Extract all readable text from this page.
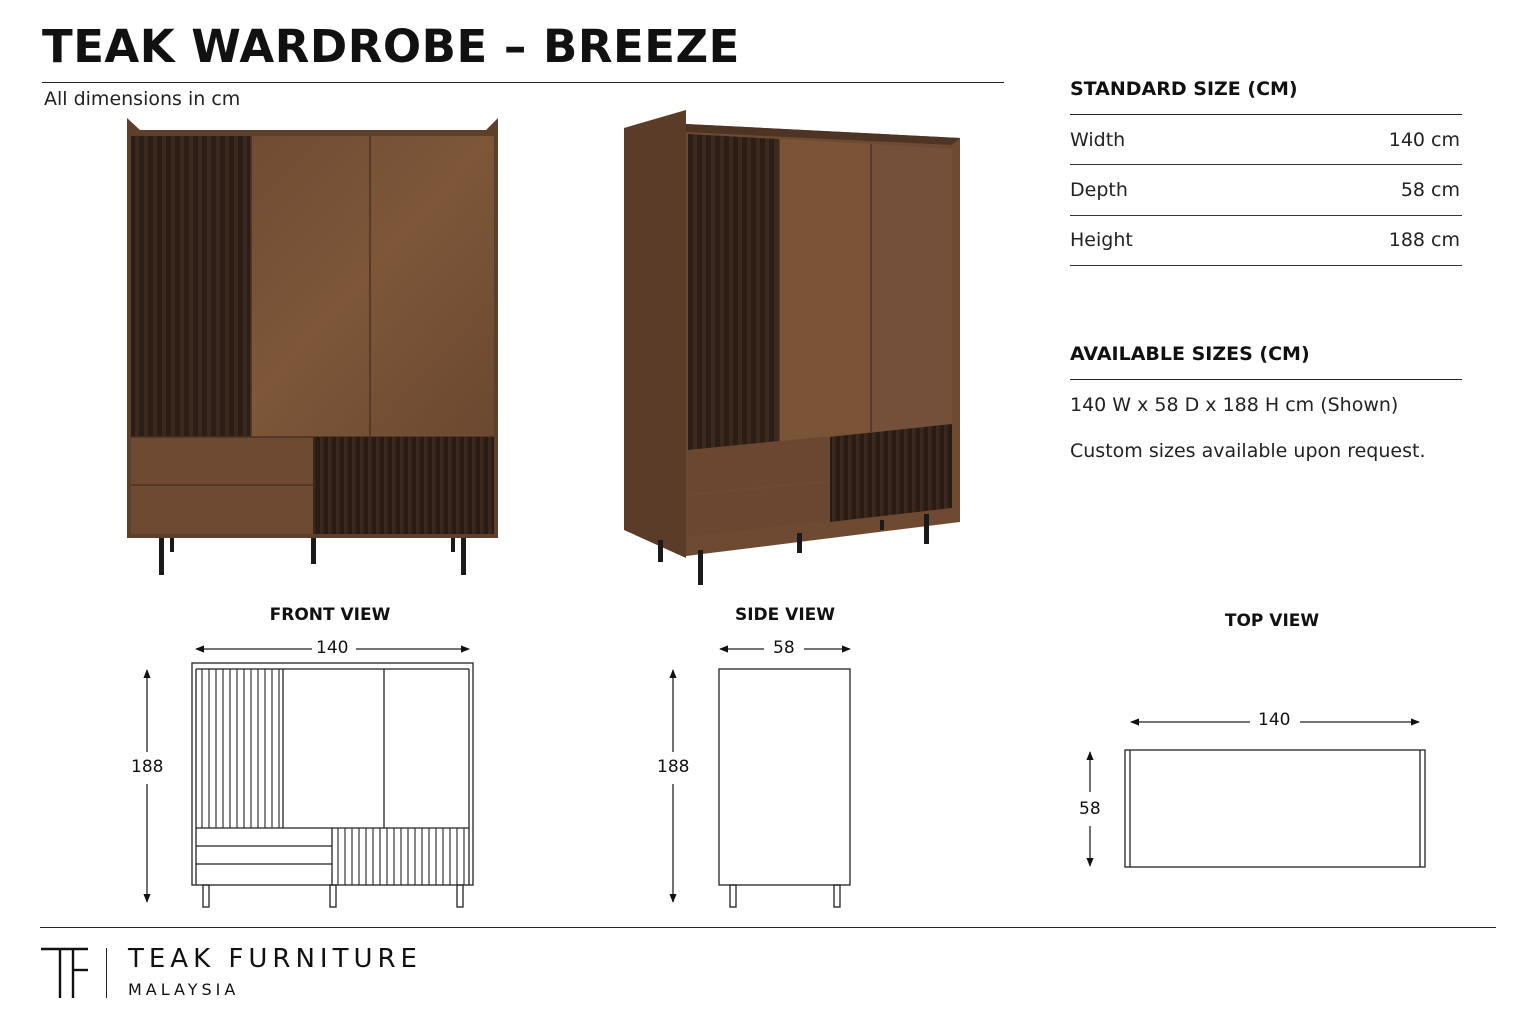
TEAK WARDROBE – BREEZE
All dimensions in cm	STANDARD SIZE (CM)
Width	140 cm
Depth	58 cm
Height	188 cm
AVAILABLE SIZES (CM)
140 W x 58 D x 188 H cm (Shown)
Custom sizes available upon request.
FRONT VIEW	SIDE VIEW	TOP VIEW
140
188
58
188
140
58
TEAK FURNITURE
MALAYSIA
